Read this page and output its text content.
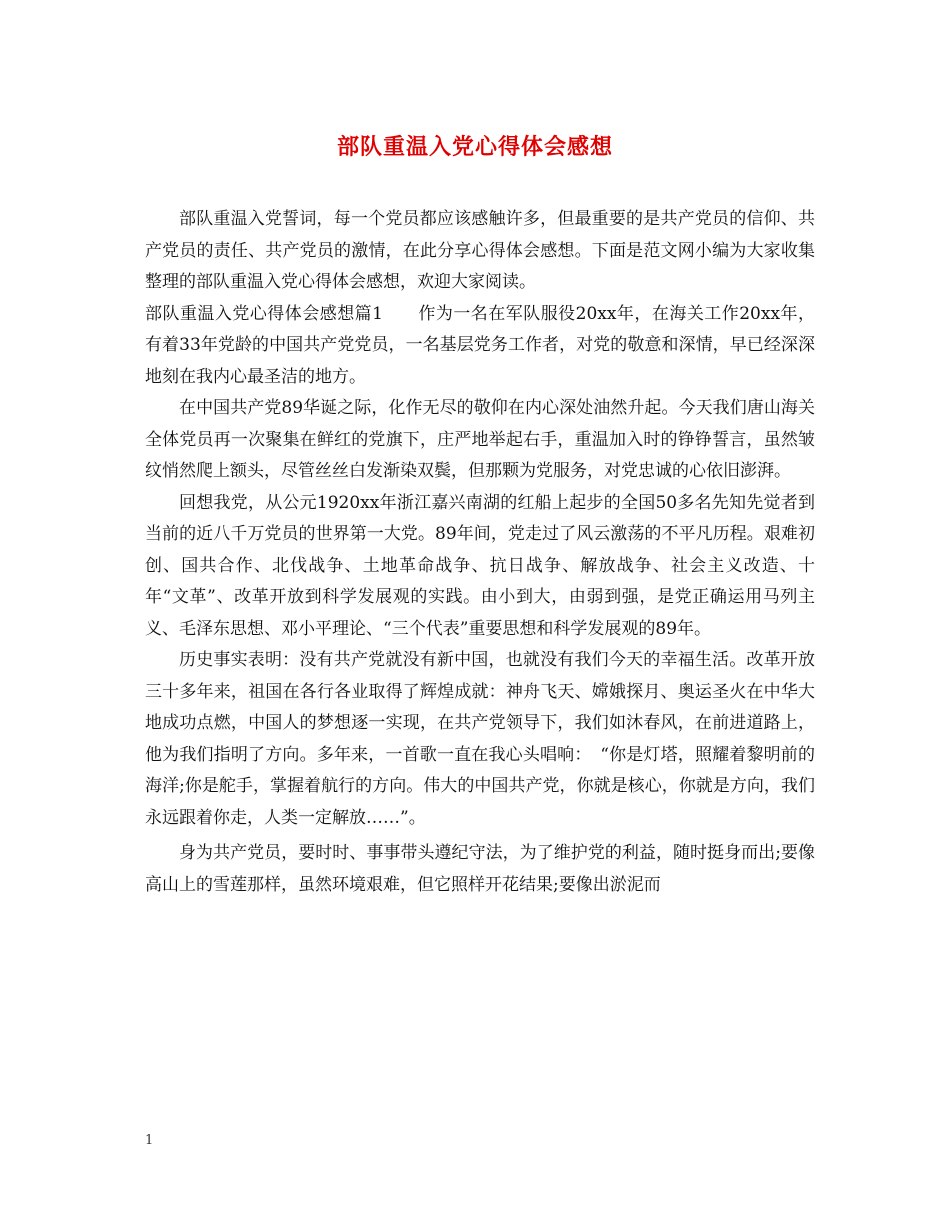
部队重温入党心得体会感想

部队重温入党誓词，每一个党员都应该感触许多，但最重要的是共产党员的信仰、共产党员的责任、共产党员的激情，在此分享心得体会感想。下面是范文网小编为大家收集整理的部队重温入党心得体会感想，欢迎大家阅读。

部队重温入党心得体会感想篇1　　作为一名在军队服役20xx年，在海关工作20xx年，有着33年党龄的中国共产党党员，一名基层党务工作者，对党的敬意和深情，早已经深深地刻在我内心最圣洁的地方。

在中国共产党89华诞之际，化作无尽的敬仰在内心深处油然升起。今天我们唐山海关全体党员再一次聚集在鲜红的党旗下，庄严地举起右手，重温加入时的铮铮誓言，虽然皱纹悄然爬上额头，尽管丝丝白发渐染双鬓，但那颗为党服务，对党忠诚的心依旧澎湃。

回想我党，从公元1920xx年浙江嘉兴南湖的红船上起步的全国50多名先知先觉者到当前的近八千万党员的世界第一大党。89年间，党走过了风云激荡的不平凡历程。艰难初创、国共合作、北伐战争、土地革命战争、抗日战争、解放战争、社会主义改造、十年“文革”、改革开放到科学发展观的实践。由小到大，由弱到强，是党正确运用马列主义、毛泽东思想、邓小平理论、“三个代表”重要思想和科学发展观的89年。

历史事实表明：没有共产党就没有新中国，也就没有我们今天的幸福生活。改革开放三十多年来，祖国在各行各业取得了辉煌成就：神舟飞天、嫦娥探月、奥运圣火在中华大地成功点燃，中国人的梦想逐一实现，在共产党领导下，我们如沐春风，在前进道路上，他为我们指明了方向。多年来，一首歌一直在我心头唱响：　“你是灯塔，照耀着黎明前的海洋;你是舵手，掌握着航行的方向。伟大的中国共产党，你就是核心，你就是方向，我们永远跟着你走，人类一定解放……”。

身为共产党员，要时时、事事带头遵纪守法，为了维护党的利益，随时挺身而出;要像高山上的雪莲那样，虽然环境艰难，但它照样开花结果;要像出淤泥而

1
